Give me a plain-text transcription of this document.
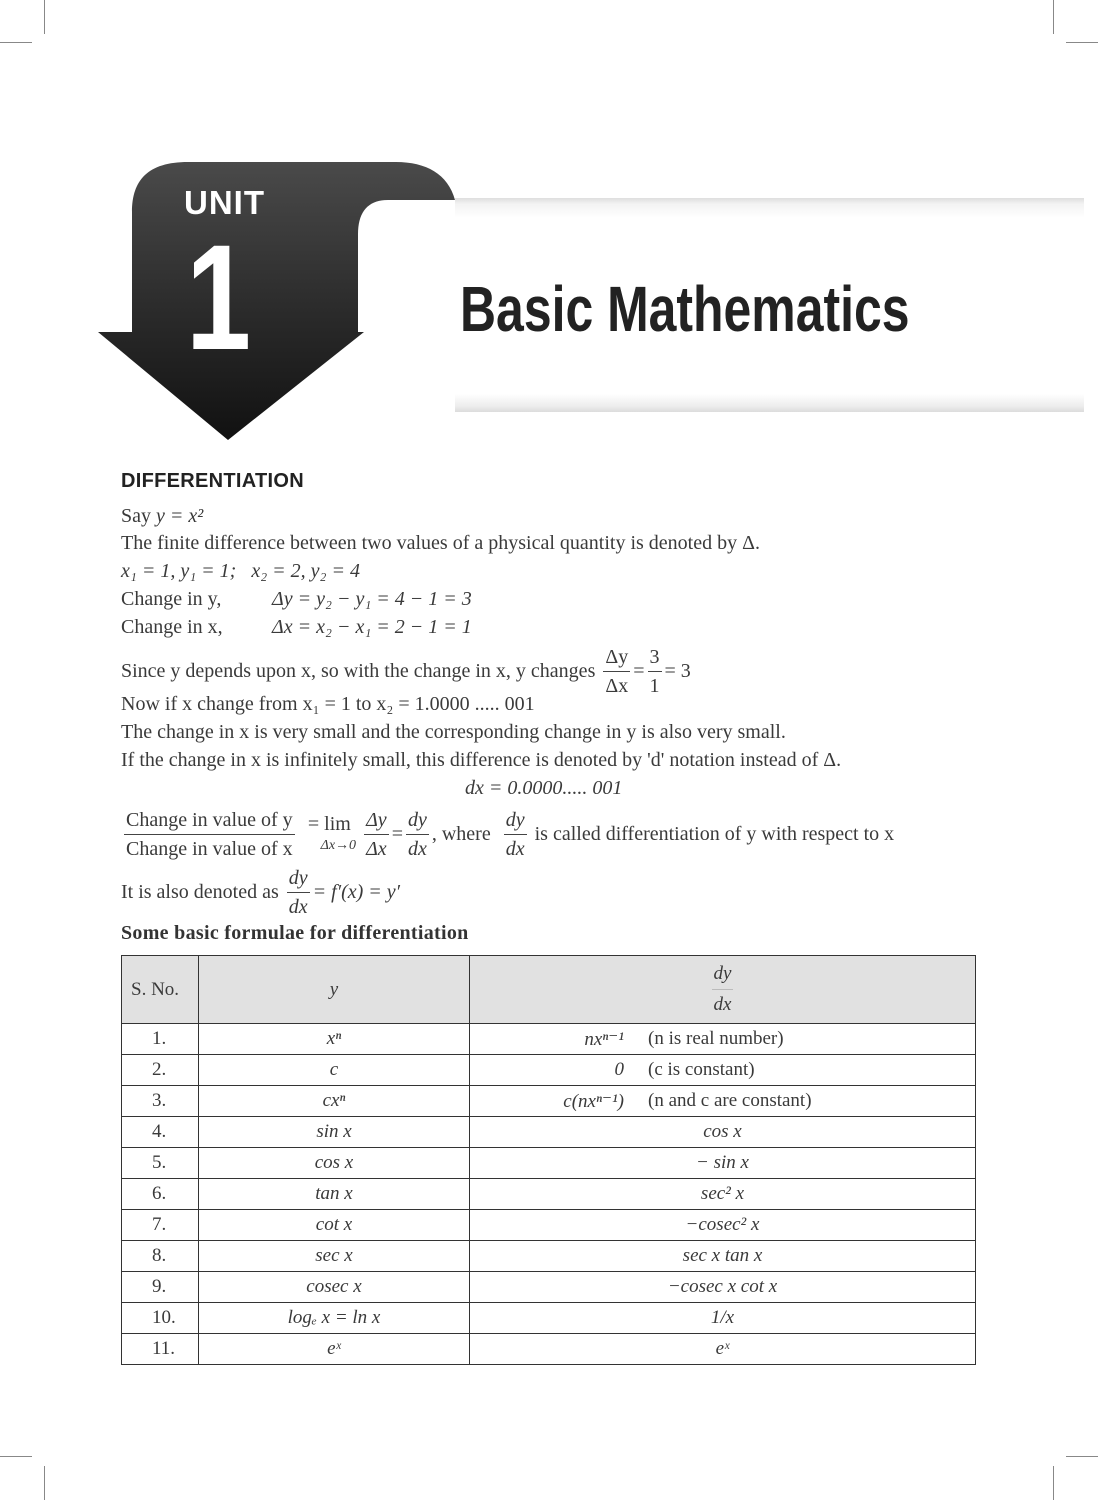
UNIT
1	Basic Mathematics
DIFFERENTIATION
Say y = x²
The finite difference between two values of a physical quantity is denoted by Δ.
x₁ = 1, y₁ = 1;   x₂ = 2, y₂ = 4
Change in y,	Δy = y₂ − y₁ = 4 − 1 = 3
Change in x, Δx = x₂ − x₁ = 2 − 1 = 1
Since y depends upon x, so with the change in x, y changes $\frac{\Delta y}{\Delta x} = \frac{3}{1} = 3$
Now if x change from x₁ = 1 to x₂ = 1.0000 ..... 001
The change in x is very small and the corresponding change in y is also very small.
If the change in x is infinitely small, this difference is denoted by 'd' notation instead of Δ.
dx = 0.0000..... 001
$\frac{\text{Change in value of y}}{\text{Change in value of x}}$
= lim
Δx→0
$\frac{\Delta y}{\Delta x} = \frac{dy}{dx}$ , where $\frac{dy}{dx}$ is called differentiation of y with respect to x
It is also denoted as $\frac{dy}{dx} = f'(x) = y'$
Some basic formulae for differentiation
S. No.	y	$\frac{dy}{dx}$

1.	xⁿ	nxⁿ⁻¹ (n is real number)

2.	c	0 (c is constant)

3.	cxⁿ	c(nxⁿ⁻¹) (n and c are constant)

4.	sin x	cos x
5.	cos x	− sin x
6.	tan x	sec² x
7.	cot x	−cosec² x
8.	sec x	sec x tan x
9.	cosec x	−cosec x cot x
10.	logₑ x = ln x	1/x
11.	eˣ	eˣ
